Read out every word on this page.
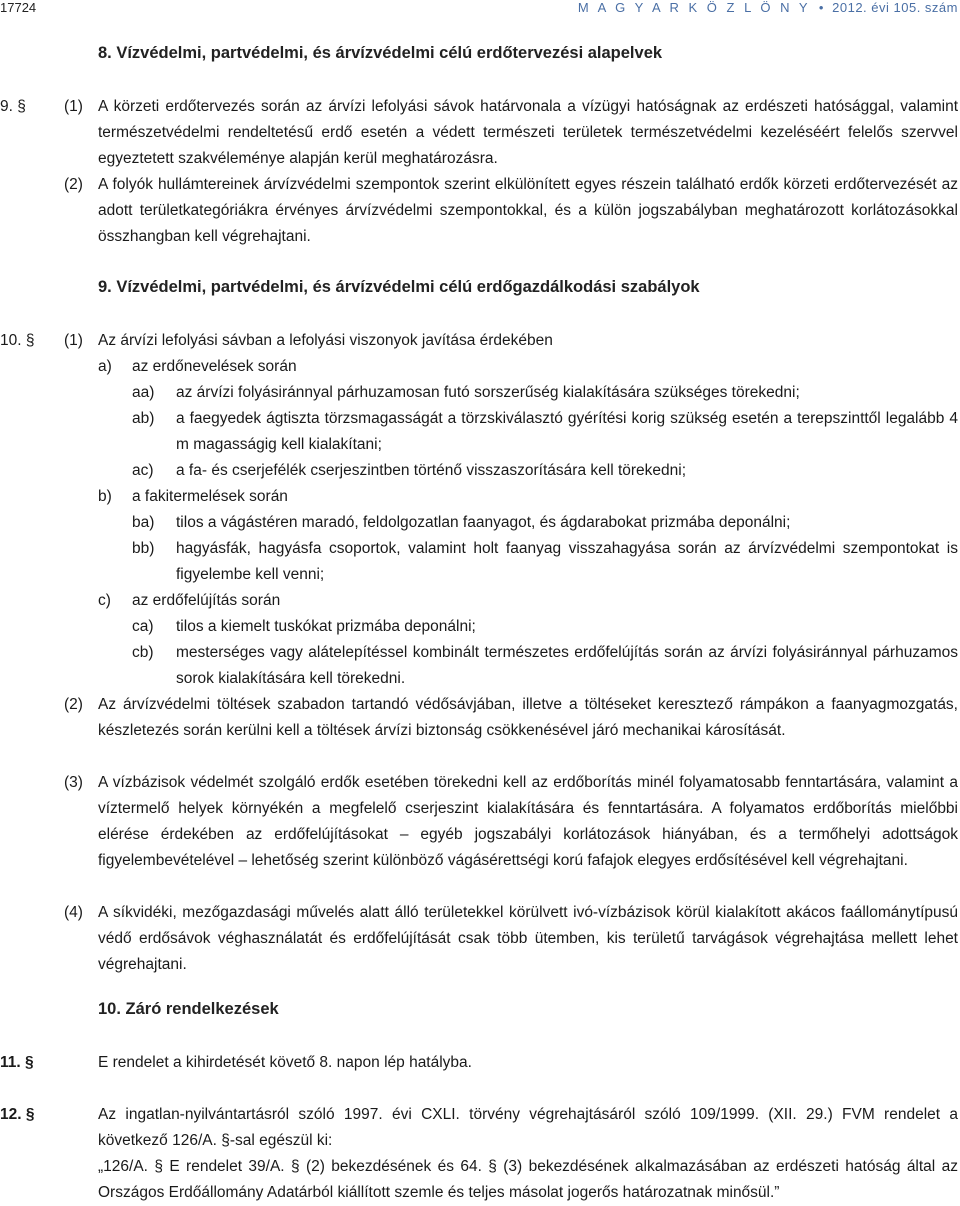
17724	M A G Y A R K Ö Z L Ö N Y  •  2012. évi 105. szám
8. Vízvédelmi, partvédelmi, és árvízvédelmi célú erdőtervezési alapelvek
9. § (1) A körzeti erdőtervezés során az árvízi lefolyási sávok határvonala a vízügyi hatóságnak az erdészeti hatósággal, valamint természetvédelmi rendeltetésű erdő esetén a védett természeti területek természetvédelmi kezeléséért felelős szervvel egyeztetett szakvéleménye alapján kerül meghatározásra.
(2) A folyók hullámtereinek árvízvédelmi szempontok szerint elkülönített egyes részein található erdők körzeti erdőtervezését az adott területkategóriákra érvényes árvízvédelmi szempontokkal, és a külön jogszabályban meghatározott korlátozásokkal összhangban kell végrehajtani.
9. Vízvédelmi, partvédelmi, és árvízvédelmi célú erdőgazdálkodási szabályok
10. § (1) Az árvízi lefolyási sávban a lefolyási viszonyok javítása érdekében
a) az erdőnevelések során
aa) az árvízi folyásiránnyal párhuzamosan futó sorszerűség kialakítására szükséges törekedni;
ab) a faegyedek ágtiszta törzsmagasságát a törzskiválasztó gyérítési korig szükség esetén a terepszinttől legalább 4 m magasságig kell kialakítani;
ac) a fa- és cserjefélék cserjeszintben történő visszaszorítására kell törekedni;
b) a fakitermelések során
ba) tilos a vágástéren maradó, feldolgozatlan faanyagot, és ágdarabokat prizmába deponálni;
bb) hagyásfák, hagyásfa csoportok, valamint holt faanyag visszahagyása során az árvízvédelmi szempontokat is figyelembe kell venni;
c) az erdőfelújítás során
ca) tilos a kiemelt tuskókat prizmába deponálni;
cb) mesterséges vagy alátelepítéssel kombinált természetes erdőfelújítás során az árvízi folyásiránnyal párhuzamos sorok kialakítására kell törekedni.
(2) Az árvízvédelmi töltések szabadon tartandó védősávjában, illetve a töltéseket keresztező rámpákon a faanyagmozgatás, készletezés során kerülni kell a töltések árvízi biztonság csökkenésével járó mechanikai károsítását.
(3) A vízbázisok védelmét szolgáló erdők esetében törekedni kell az erdőborítás minél folyamatosabb fenntartására, valamint a víztermelő helyek környékén a megfelelő cserjeszint kialakítására és fenntartására. A folyamatos erdőborítás mielőbbi elérése érdekében az erdőfelújításokat – egyéb jogszabályi korlátozások hiányában, és a termőhelyi adottságok figyelembevételével – lehetőség szerint különböző vágásérettségi korú fafajok elegyes erdősítésével kell végrehajtani.
(4) A síkvidéki, mezőgazdasági művelés alatt álló területekkel körülvett ivó-vízbázisok körül kialakított akácos faállománytípusú védő erdősávok véghasználatát és erdőfelújítását csak több ütemben, kis területű tarvágások végrehajtása mellett lehet végrehajtani.
10. Záró rendelkezések
11. §	E rendelet a kihirdetését követő 8. napon lép hatályba.
12. §	Az ingatlan-nyilvántartásról szóló 1997. évi CXLI. törvény végrehajtásáról szóló 109/1999. (XII. 29.) FVM rendelet a következő 126/A. §-sal egészül ki:
„126/A. § E rendelet 39/A. § (2) bekezdésének és 64. § (3) bekezdésének alkalmazásában az erdészeti hatóság által az Országos Erdőállomány Adatárból kiállított szemle és teljes másolat jogerős határozatnak minősül.”
